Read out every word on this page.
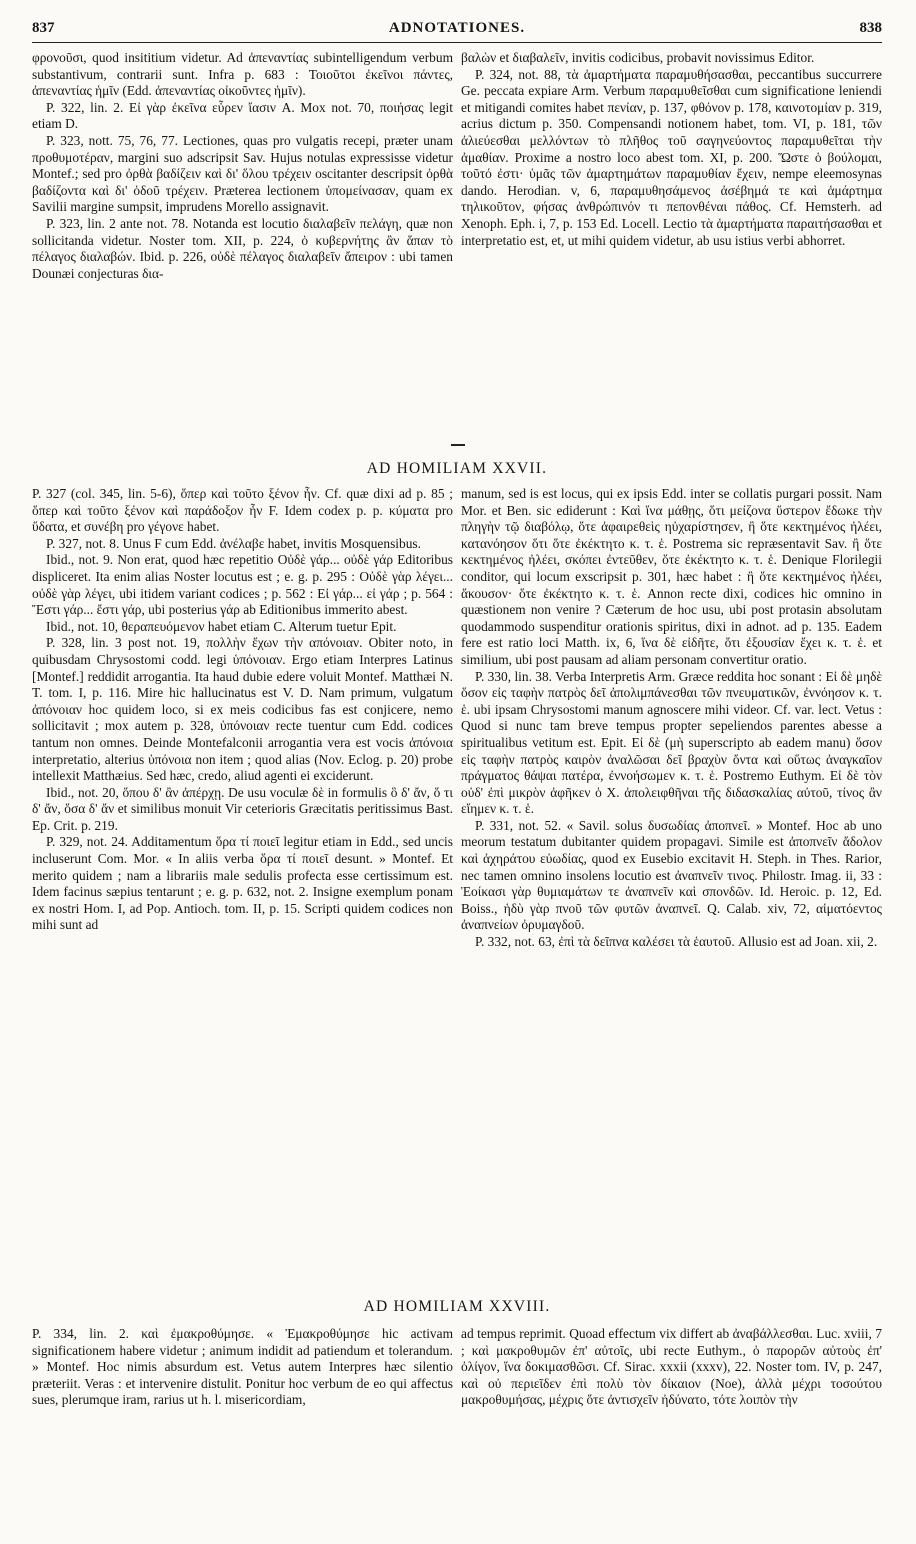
837	ADNOTATIONES.	838

φρονοῦσι, quod insititium videtur. Ad ἀπεναντίας subintelligendum verbum substantivum, contrarii sunt. Infra p. 683 : Τοιοῦτοι ἐκεῖνοι πάντες, ἀπεναντίας ἡμῖν (Edd. ἀπεναντίας οἰκοῦντες ἡμῖν).

P. 322, lin. 2. Εἰ γὰρ ἐκεῖνα εὗρεν ἴασιν A. Mox not. 70, ποιήσας legit etiam D.

P. 323, nott. 75, 76, 77. Lectiones, quas pro vulgatis recepi, præter unam προθυμοτέραν, margini suo adscripsit Sav. Hujus notulas expressisse videtur Montef.; sed pro ὀρθὰ βαδίζειν καὶ δι' ὅλου τρέχειν oscitanter descripsit ὀρθὰ βαδίζοντα καὶ δι' ὁδοῦ τρέχειν. Præterea lectionem ὑπομείνασαν, quam ex Savilii margine sumpsit, imprudens Morello assignavit.

P. 323, lin. 2 ante not. 78. Notanda est locutio διαλαβεῖν πελάγη, quæ non sollicitanda videtur. Noster tom. XII, p. 224, ὁ κυβερνήτης ἂν ἅπαν τὸ πέλαγος διαλαβών. Ibid. p. 226, οὐδὲ πέλαγος διαλαβεῖν ἄπειρον : ubi tamen Dounæi conjecturas δια-

βαλὼν et διαβαλεῖν, invitis codicibus, probavit novissimus Editor.

P. 324, not. 88, τὰ ἁμαρτήματα παραμυθήσασθαι, peccantibus succurrere Ge. peccata expiare Arm. Verbum παραμυθεῖσθαι cum significatione leniendi et mitigandi comites habet πενίαν, p. 137, φθόνον p. 178, καινοτομίαν p. 319, acrius dictum p. 350. Compensandi notionem habet, tom. VI, p. 181, τῶν ἀλιεύεσθαι μελλόντων τὸ πλῆθος τοῦ σαγηνεύοντος παραμυθεῖται τὴν ἀμαθίαν. Proxime a nostro loco abest tom. XI, p. 200. Ὥστε ὁ βούλομαι, τοῦτό ἐστι· ὑμᾶς τῶν ἁμαρτημάτων παραμυθίαν ἔχειν, nempe eleemosynas dando. Herodian. v, 6, παραμυθησάμενος ἀσέβημά τε καὶ ἁμάρτημα τηλικοῦτον, φήσας ἀνθρώπινόν τι πεπονθέναι πάθος. Cf. Hemsterh. ad Xenoph. Eph. i, 7, p. 153 Ed. Locell. Lectio τὰ ἁμαρτήματα παραιτήσασθαι et interpretatio est, et, ut mihi quidem videtur, ab usu istius verbi abhorret.

AD HOMILIAM XXVII.

P. 327 (col. 345, lin. 5-6), ὅπερ καὶ τοῦτο ξένον ἦν. Cf. quæ dixi ad p. 85 ; ὅπερ καὶ τοῦτο ξένον καὶ παράδοξον ἦν F. Idem codex p. p. κύματα pro ὕδατα, et συνέβη pro γέγονε habet.

P. 327, not. 8. Unus F cum Edd. ἀνέλαβε habet, invitis Mosquensibus.

Ibid., not. 9. Non erat, quod hæc repetitio Οὐδὲ γάρ... οὐδὲ γάρ Editoribus displiceret. Ita enim alias Noster locutus est ; e. g. p. 295 : Οὐδὲ γὰρ λέγει... οὐδὲ γὰρ λέγει, ubi itidem variant codices ; p. 562 : Εἰ γάρ... εἰ γάρ ; p. 564 : Ἔστι γάρ... ἔστι γάρ, ubi posterius γάρ ab Editionibus immerito abest.

Ibid., not. 10, θεραπευόμενον habet etiam C. Alterum tuetur Epit.

P. 328, lin. 3 post not. 19, πολλὴν ἔχων τὴν απόνοιαν. Obiter noto, in quibusdam Chrysostomi codd. legi ὑπόνοιαν. Ergo etiam Interpres Latinus [Montef.] reddidit arrogantia. Ita haud dubie edere voluit Montef. Matthæi N. T. tom. I, p. 116. Mire hic hallucinatus est V. D. Nam primum, vulgatum ἀπόνοιαν hoc quidem loco, si ex meis codicibus fas est conjicere, nemo sollicitavit ; mox autem p. 328, ὑπόνοιαν recte tuentur cum Edd. codices tantum non omnes. Deinde Montefalconii arrogantia vera est vocis ἀπόνοια interpretatio, alterius ὑπόνοια non item ; quod alias (Nov. Eclog. p. 20) probe intellexit Matthæius. Sed hæc, credo, aliud agenti ei exciderunt.

Ibid., not. 20, ὅπου δ' ἂν ἀπέρχῃ. De usu voculæ δὲ in formulis ὃ δ' ἄν, ὅ τι δ' ἄν, ὅσα δ' ἄν et similibus monuit Vir ceterioris Græcitatis peritissimus Bast. Ep. Crit. p. 219.

P. 329, not. 24. Additamentum ὅρα τί ποιεῖ legitur etiam in Edd., sed uncis incluserunt Com. Mor. « In aliis verba ὅρα τί ποιεῖ desunt. » Montef. Et merito quidem ; nam a librariis male sedulis profecta esse certissimum est. Idem facinus sæpius tentarunt ; e. g. p. 632, not. 2. Insigne exemplum ponam ex nostri Hom. I, ad Pop. Antioch. tom. II, p. 15. Scripti quidem codices non mihi sunt ad

manum, sed is est locus, qui ex ipsis Edd. inter se collatis purgari possit. Nam Mor. et Ben. sic ediderunt : Καὶ ἵνα μάθῃς, ὅτι μείζονα ὕστερον ἔδωκε τὴν πληγὴν τῷ διαβόλῳ, ὅτε ἀφαιρεθεὶς ηὐχαρίστησεν, ἢ ὅτε κεκτημένος ἠλέει, κατανόησον ὅτι ὅτε ἐκέκτητο κ. τ. ἑ. Postrema sic repræsentavit Sav. ἢ ὅτε κεκτημένος ἠλέει, σκόπει ἐντεῦθεν, ὅτε ἐκέκτητο κ. τ. ἑ. Denique Florilegii conditor, qui locum exscripsit p. 301, hæc habet : ἢ ὅτε κεκτημένος ἠλέει, ἄκουσον· ὅτε ἐκέκτητο κ. τ. ἑ. Annon recte dixi, codices hic omnino in quæstionem non venire ? Cæterum de hoc usu, ubi post protasin absolutam quodammodo suspenditur orationis spiritus, dixi in adnot. ad p. 135. Eadem fere est ratio loci Matth. ix, 6, ἵνα δὲ εἰδῆτε, ὅτι ἐξουσίαν ἔχει κ. τ. ἑ. et similium, ubi post pausam ad aliam personam convertitur oratio.

P. 330, lin. 38. Verba Interpretis Arm. Græce reddita hoc sonant : Εἰ δὲ μηδὲ ὅσον εἰς ταφὴν πατρὸς δεῖ ἀπολιμπάνεσθαι τῶν πνευματικῶν, ἐννόησον κ. τ. ἑ. ubi ipsam Chrysostomi manum agnoscere mihi videor. Cf. var. lect. Vetus : Quod si nunc tam breve tempus propter sepeliendos parentes abesse a spiritualibus vetitum est. Epit. Εἰ δὲ (μὴ superscripto ab eadem manu) ὅσον εἰς ταφὴν πατρὸς καιρὸν ἀναλῶσαι δεῖ βραχὺν ὄντα καὶ οὕτως ἀναγκαῖον πράγματος θάψαι πατέρα, ἐννοήσωμεν κ. τ. ἑ. Postremo Euthym. Εἰ δὲ τὸν οὐδ' ἐπὶ μικρὸν ἀφῆκεν ὁ X. ἀπολειφθῆναι τῆς διδασκαλίας αὐτοῦ, τίνος ἂν εἴημεν κ. τ. ἑ.

P. 331, not. 52. « Savil. solus δυσωδίας ἀποπνεῖ. » Montef. Hoc ab uno meorum testatum dubitanter quidem propagavi. Simile est ἀποπνεῖν ἄδολον καὶ ἀχηράτου εὐωδίας, quod ex Eusebio excitavit H. Steph. in Thes. Rarior, nec tamen omnino insolens locutio est ἀναπνεῖν τινος. Philostr. Imag. ii, 33 : Ἐοίκασι γὰρ θυμιαμάτων τε ἀναπνεῖν καὶ σπονδῶν. Id. Heroic. p. 12, Ed. Boiss., ἡδὺ γὰρ πνοῦ τῶν φυτῶν ἀναπνεῖ. Q. Calab. xiv, 72, αἱματόεντος ἀναπνείων ὀρυμαγδοῦ.

P. 332, not. 63, ἐπὶ τὰ δεῖπνα καλέσει τὰ ἑαυτοῦ. Allusio est ad Joan. xii, 2.

AD HOMILIAM XXVIII.

P. 334, lin. 2. καὶ ἐμακροθύμησε. « Ἐμακροθύμησε hic activam significationem habere videtur ; animum indidit ad patiendum et tolerandum. » Montef. Hoc nimis absurdum est. Vetus autem Interpres hæc silentio præteriit. Veras : et intervenire distulit. Ponitur hoc verbum de eo qui affectus sues, plerumque iram, rarius ut h. l. misericordiam,

ad tempus reprimit. Quoad effectum vix differt ab ἀναβάλλεσθαι. Luc. xviii, 7 ; καὶ μακροθυμῶν ἐπ' αὐτοῖς, ubi recte Euthym., ὁ παρορῶν αὐτοὺς ἐπ' ὀλίγον, ἵνα δοκιμασθῶσι. Cf. Sirac. xxxii (xxxv), 22. Noster tom. IV, p. 247, καὶ οὐ περιεῖδεν ἐπὶ πολὺ τὸν δίκαιον (Noe), ἀλλὰ μέχρι τοσούτου μακροθυμήσας, μέχρις ὅτε ἀντισχεῖν ἠδύνατο, τότε λοιπὸν τὴν
